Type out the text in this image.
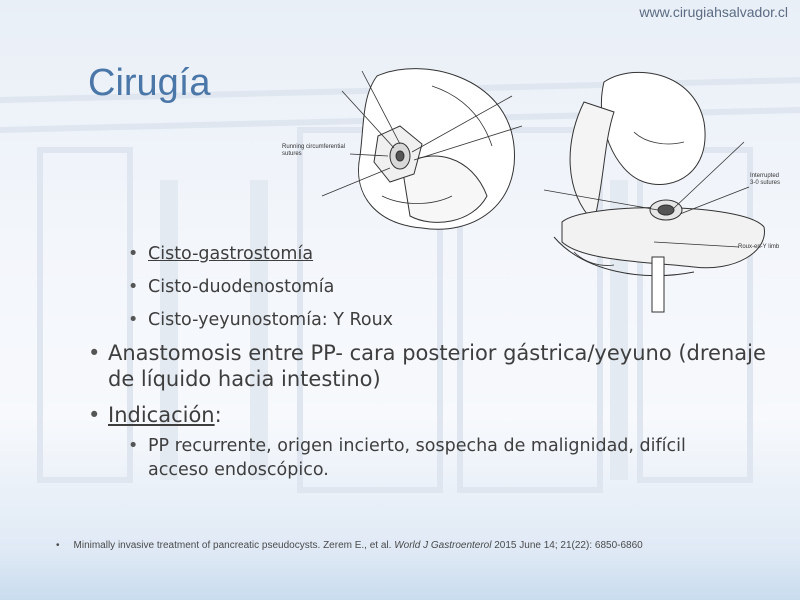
www.cirugiahsalvador.cl
Cirugía
Running circumferential
sutures
Interrupted
3-0 sutures
Roux-en-Y limb
• Cisto-gastrostomía
• Cisto-duodenostomía
• Cisto-yeyunostomía: Y Roux
• Anastomosis entre PP- cara posterior gástrica/yeyuno (drenaje de líquido hacia intestino)
• Indicación:
• PP recurrente, origen incierto, sospecha de malignidad, difícil acceso endoscópico.
• Minimally invasive treatment of pancreatic pseudocysts. Zerem E., et al. World J Gastroenterol 2015 June 14; 21(22): 6850-6860
